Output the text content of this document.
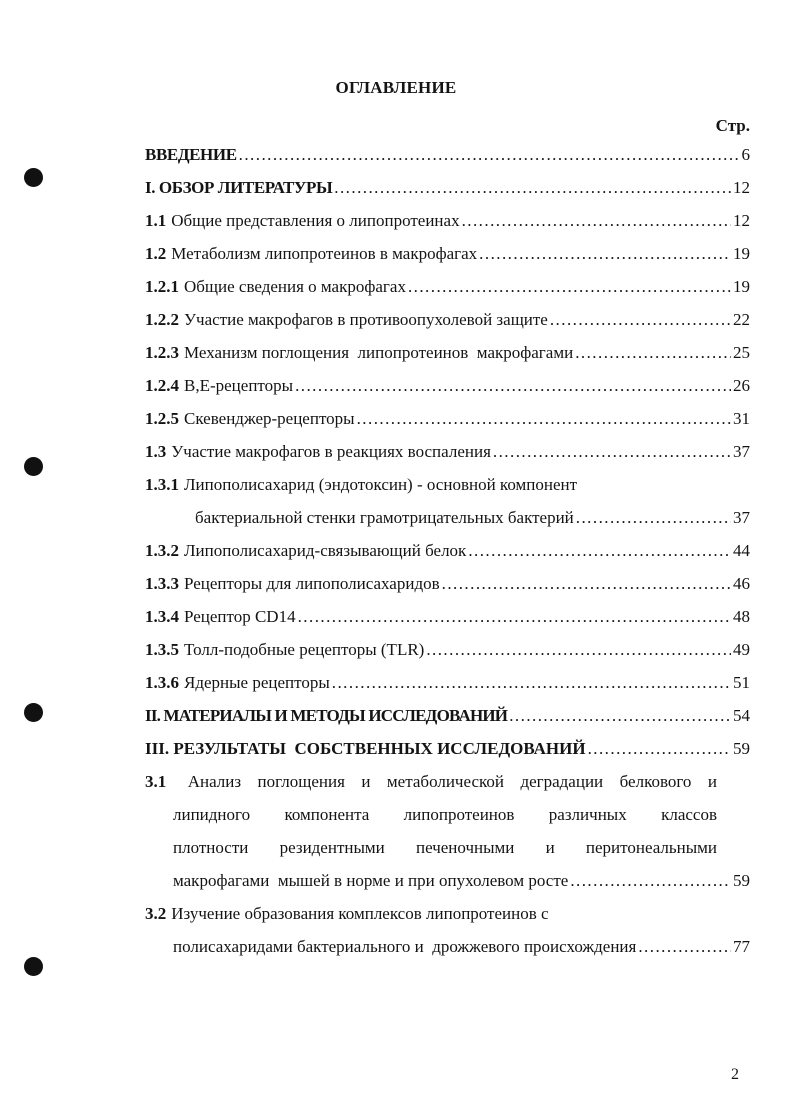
ОГЛАВЛЕНИЕ
Стр.
ВВЕДЕНИЕ . . .	6
I. ОБЗОР ЛИТЕРАТУРЫ . . .	12
1.1 Общие представления о липопротеинах . . .	12
1.2 Метаболизм липопротеинов в макрофагах . . .	19
1.2.1 Общие сведения о макрофагах . . .	19
1.2.2 Участие макрофагов в противоопухолевой защите . . .	22
1.2.3 Механизм поглощения  липопротеинов  макрофагами . . .	25
1.2.4 В,Е-рецепторы . . .	26
1.2.5 Скевенджер-рецепторы . . .	31
1.3 Участие макрофагов в реакциях воспаления . . .	37
1.3.1 Липополисахарид (эндотоксин) - основной компонент
бактериальной стенки грамотрицательных бактерий . . .	37
1.3.2 Липополисахарид-связывающий белок . . .	44
1.3.3 Рецепторы для липополисахаридов . . .	46
1.3.4 Рецептор CD14 . . .	48
1.3.5 Толл-подобные рецепторы (TLR) . . .	49
1.3.6 Ядерные рецепторы . . .	51
II. МАТЕРИАЛЫ И МЕТОДЫ ИССЛЕДОВАНИЙ . . .	54
III. РЕЗУЛЬТАТЫ  СОБСТВЕННЫХ ИССЛЕДОВАНИЙ . . .	59
3.1 Анализ поглощения и метаболической деградации белкового и
липидного компонента липопротеинов различных классов
плотности резидентными печеночными и перитонеальными
макрофагами  мышей в норме и при опухолевом росте . . .	59
3.2 Изучение образования комплексов липопротеинов с
полисахаридами бактериального и  дрожжевого происхождения . . .	77
2
